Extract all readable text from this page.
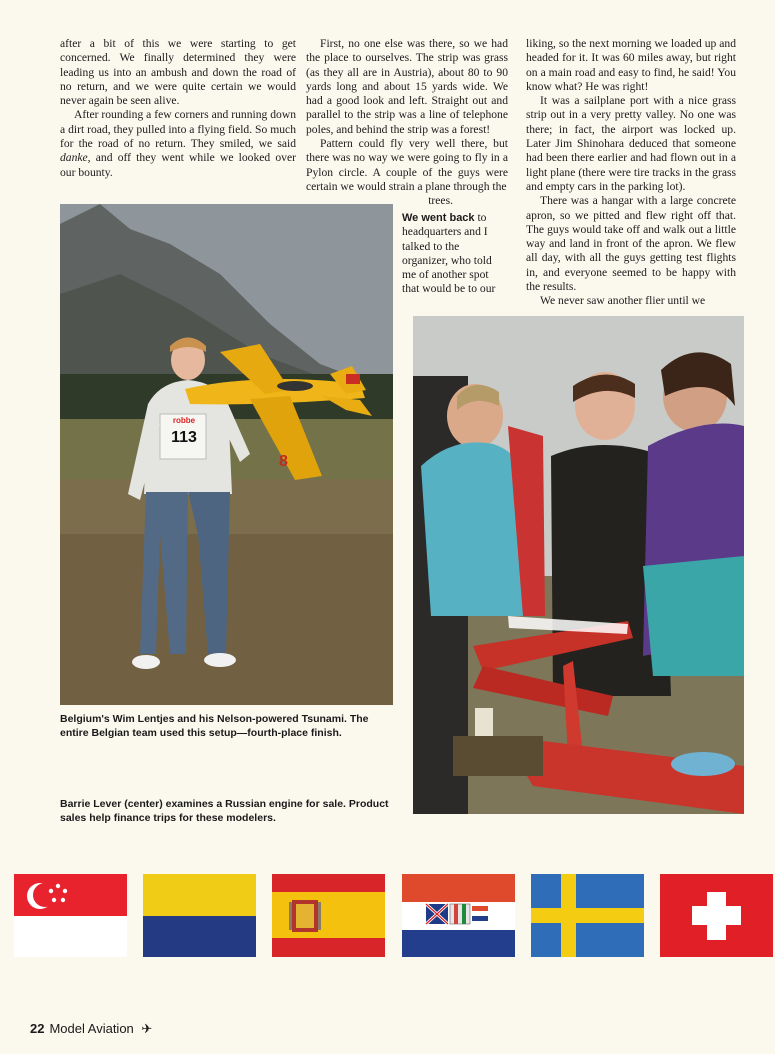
after a bit of this we were starting to get concerned. We finally determined they were leading us into an ambush and down the road of no return, and we were quite certain we would never again be seen alive.

After rounding a few corners and running down a dirt road, they pulled into a flying field. So much for the road of no return. They smiled, we said danke, and off they went while we looked over our bounty.

First, no one else was there, so we had the place to ourselves. The strip was grass (as they all are in Austria), about 80 to 90 yards long and about 15 yards wide. We had a good look and left. Straight out and parallel to the strip was a line of telephone poles, and behind the strip was a forest!

Pattern could fly very well there, but there was no way we were going to fly in a Pylon circle. A couple of the guys were certain we would strain a plane through the

trees.

We went back to headquarters and I talked to the organizer, who told me of another spot that would be to our

liking, so the next morning we loaded up and headed for it. It was 60 miles away, but right on a main road and easy to find, he said! You know what? He was right!

It was a sailplane port with a nice grass strip out in a very pretty valley. No one was there; in fact, the airport was locked up. Later Jim Shinohara deduced that someone had been there earlier and had flown out in a light plane (there were tire tracks in the grass and empty cars in the parking lot).

There was a hangar with a large concrete apron, so we pitted and flew right off that. The guys would take off and walk out a little way and land in front of the apron. We flew all day, with all the guys getting test flights in, and everyone seemed to be happy with the results.

We never saw another flier until we

robbe
113
8
Belgium's Wim Lentjes and his Nelson-powered Tsunami. The entire Belgian team used this setup—fourth-place finish.
Barrie Lever (center) examines a Russian engine for sale. Product sales help finance trips for these modelers.
22 Model Aviation ✈
